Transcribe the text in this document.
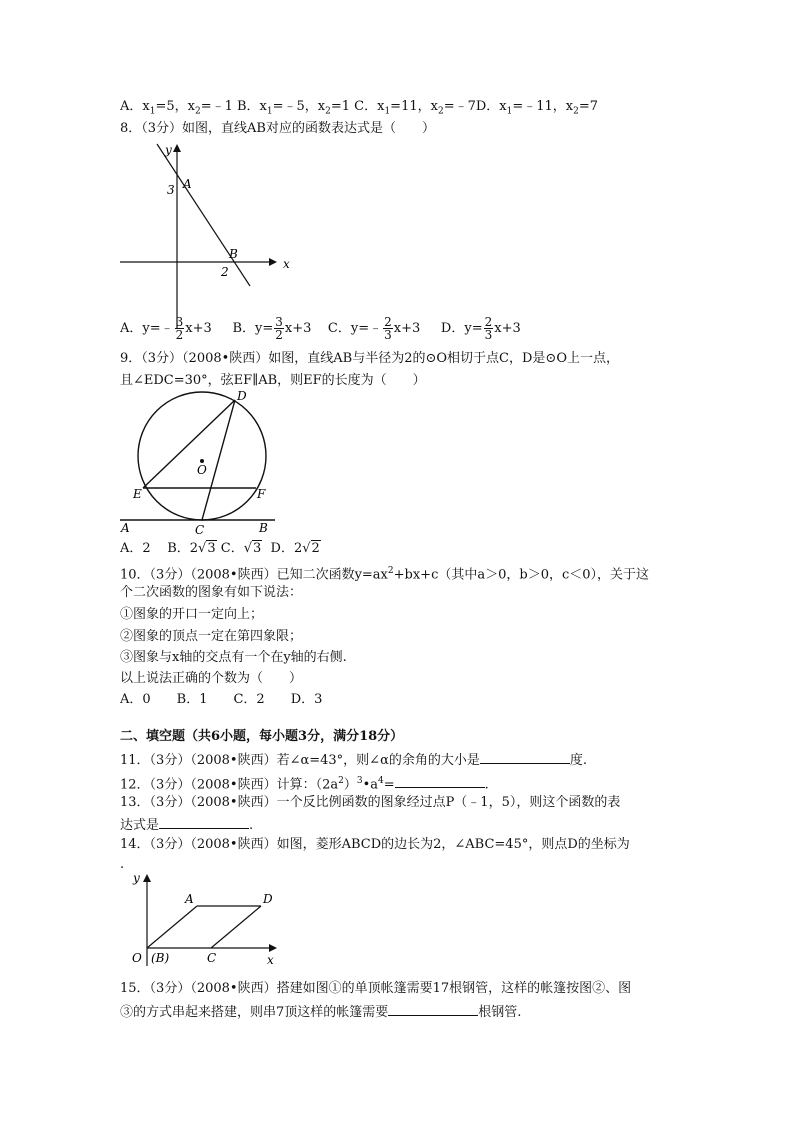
A．$x_1=5$，$x_2=﹣1$ B．$x_1=﹣5$，$x_2=1$ C．$x_1=11$，$x_2=﹣7D$．$x_1=﹣11$，$x_2=7$
8．（3分）如图，直线AB对应的函数表达式是（　　）
y
x
A
3
B
2
A．y=﹣ $\frac{3}{2} x+3$ B．$y= \frac{3}{2} x+3$ C．y=﹣ $\frac{2}{3} x+3$ D．$y= \frac{2}{3} x+3$
9．（3分）（2008•陕西）如图，直线AB与半径为2的⊙O相切于点C，D是⊙O上一点，
且∠EDC=30°，弦EF∥AB，则EF的长度为（　　）
D
O
E	F
A	C	B
A．2 B．2√3 C．√3 D．2√2
10．（3分）（2008•陕西）已知二次函数$y=ax^2+bx+c$（其中a＞0，b＞0，c＜0），关于这
个二次函数的图象有如下说法：
①图象的开口一定向上；
②图象的顶点一定在第四象限；
③图象与x轴的交点有一个在y轴的右侧.
以上说法正确的个数为（　　）
A．0　　B．1　　C．2　　D．3
二、填空题（共6小题，每小题3分，满分18分）
11．（3分）（2008•陕西）若∠α=43°，则∠α的余角的大小是	度.
12．（3分）（2008•陕西）计算：$(2a^2)^3•a^4=$	.
13．（3分）（2008•陕西）一个反比例函数的图象经过点P（﹣1，5），则这个函数的表
达式是	.
14．（3分）（2008•陕西）如图，菱形ABCD的边长为2，∠ABC=45°，则点D的坐标为
.
y
x
A	D
O (B)	C
15．（3分）（2008•陕西）搭建如图①的单顶帐篷需要17根钢管，这样的帐篷按图②、图
③的方式串起来搭建，则串7顶这样的帐篷需要	根钢管.
